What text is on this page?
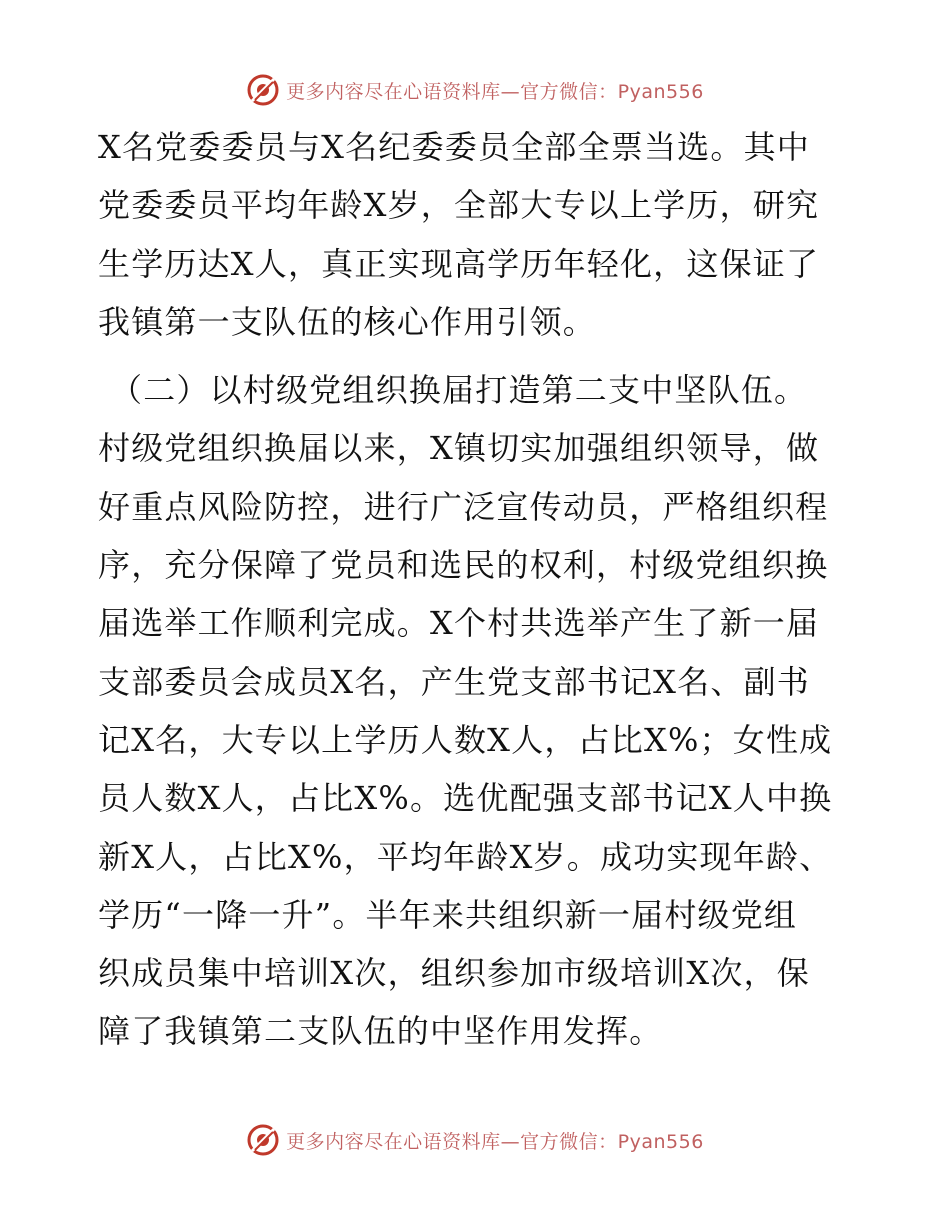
更多内容尽在心语资料库—官方微信：Pyan556
X名党委委员与X名纪委委员全部全票当选。其中
党委委员平均年龄X岁，全部大专以上学历，研究
生学历达X人，真正实现高学历年轻化，这保证了
我镇第一支队伍的核心作用引领。
（二）以村级党组织换届打造第二支中坚队伍。
村级党组织换届以来，X镇切实加强组织领导，做
好重点风险防控，进行广泛宣传动员，严格组织程
序，充分保障了党员和选民的权利，村级党组织换
届选举工作顺利完成。X个村共选举产生了新一届
支部委员会成员X名，产生党支部书记X名、副书
记X名，大专以上学历人数X人，占比X%；女性成
员人数X人，占比X%。选优配强支部书记X人中换
新X人，占比X%，平均年龄X岁。成功实现年龄、
学历“一降一升”。半年来共组织新一届村级党组
织成员集中培训X次，组织参加市级培训X次，保
障了我镇第二支队伍的中坚作用发挥。
更多内容尽在心语资料库—官方微信：Pyan556
